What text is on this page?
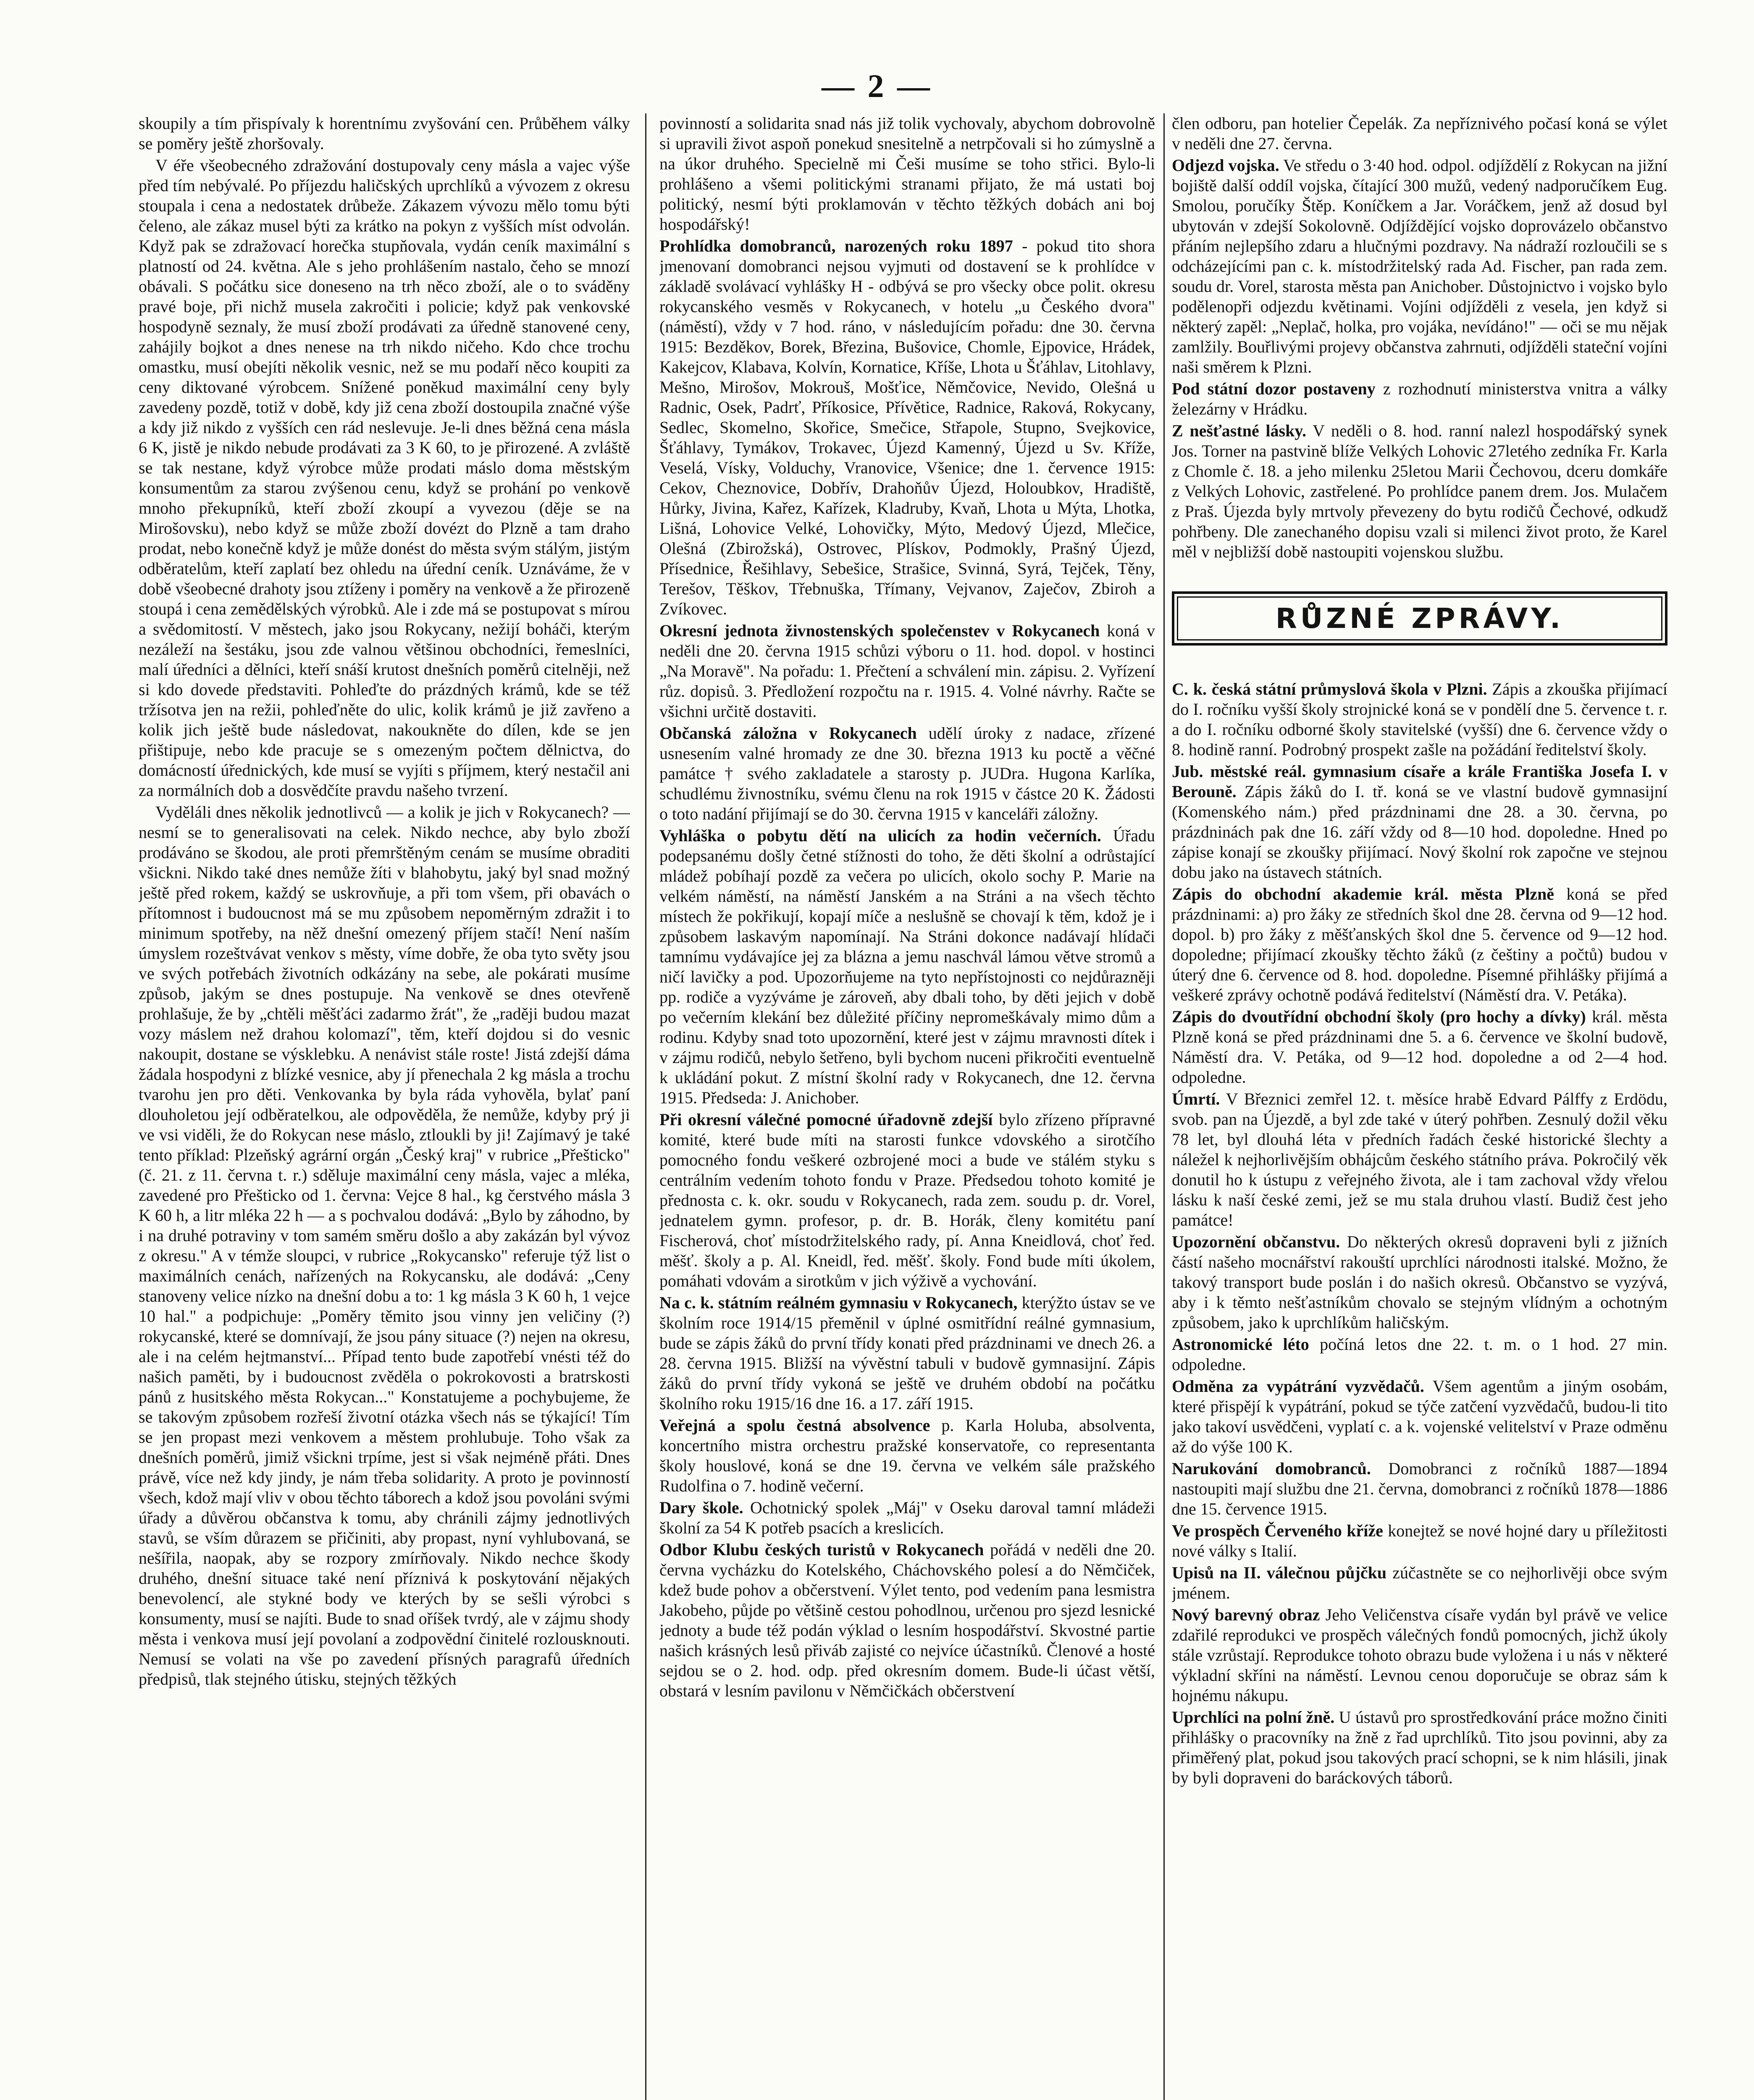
— 2 —

skoupily a tím přispívaly k horentnímu zvyšování cen. Průběhem války se poměry ještě zhoršovaly.

V éře všeobecného zdražování dostupovaly ceny másla a vajec výše před tím nebývalé. Po příjezdu haličských uprchlíků a vývozem z okresu stoupala i cena a nedostatek drůbeže. Zákazem vývozu mělo tomu býti čeleno, ale zákaz musel býti za krátko na pokyn z vyšších míst odvolán. Když pak se zdražovací horečka stupňovala, vydán ceník maximální s platností od 24. května. Ale s jeho prohlášením nastalo, čeho se mnozí obávali. S počátku sice doneseno na trh něco zboží, ale o to sváděny pravé boje, při nichž musela zakročiti i policie; když pak venkovské hospodyně seznaly, že musí zboží prodávati za úředně stanovené ceny, zahájily bojkot a dnes nenese na trh nikdo ničeho. Kdo chce trochu omastku, musí obejíti několik vesnic, než se mu podaří něco koupiti za ceny diktované výrobcem. Snížené poněkud maximální ceny byly zavedeny pozdě, totiž v době, kdy již cena zboží dostoupila značné výše a kdy již nikdo z vyšších cen rád neslevuje. Je-li dnes běžná cena másla 6 K, jistě je nikdo nebude prodávati za 3 K 60, to je přirozené. A zvláště se tak nestane, když výrobce může prodati máslo doma městským konsumentům za starou zvýšenou cenu, když se prohání po venkově mnoho překupníků, kteří zboží zkoupí a vyvezou (děje se na Mirošovsku), nebo když se může zboží dovézt do Plzně a tam draho prodat, nebo konečně když je může donést do města svým stálým, jistým odběratelům, kteří zaplatí bez ohledu na úřední ceník. Uznáváme, že v době všeobecné drahoty jsou ztíženy i poměry na venkově a že přirozeně stoupá i cena zemědělských výrobků. Ale i zde má se postupovat s mírou a svědomitostí. V městech, jako jsou Rokycany, nežijí boháči, kterým nezáleží na šestáku, jsou zde valnou většinou obchodníci, řemeslníci, malí úředníci a dělníci, kteří snáší krutost dnešních poměrů citelněji, než si kdo dovede představiti. Pohleďte do prázdných krámů, kde se též tržísotva jen na režii, pohleďněte do ulic, kolik krámů je již zavřeno a kolik jich ještě bude následovat, nakoukněte do dílen, kde se jen přištipuje, nebo kde pracuje se s omezeným počtem dělnictva, do domácností úřednických, kde musí se vyjíti s příjmem, který nestačil ani za normálních dob a dosvědčíte pravdu našeho tvrzení.

Vyděláli dnes několik jednotlivců — a kolik je jich v Rokycanech? — nesmí se to generalisovati na celek. Nikdo nechce, aby bylo zboží prodáváno se škodou, ale proti přemrštěným cenám se musíme obraditi všickni. Nikdo také dnes nemůže žíti v blahobytu, jaký byl snad možný ještě před rokem, každý se uskrovňuje, a při tom všem, při obavách o přítomnost i budoucnost má se mu způsobem nepoměrným zdražit i to minimum spotřeby, na něž dnešní omezený příjem stačí! Není naším úmyslem rozeštvávat venkov s městy, víme dobře, že oba tyto světy jsou ve svých potřebách životních odkázány na sebe, ale pokárati musíme způsob, jakým se dnes postupuje. Na venkově se dnes otevřeně prohlašuje, že by „chtěli měšťáci zadarmo žrát", že „raději budou mazat vozy máslem než drahou kolomazí", těm, kteří dojdou si do vesnic nakoupit, dostane se výsklebku. A nenávist stále roste! Jistá zdejší dáma žádala hospodyni z blízké vesnice, aby jí přenechala 2 kg másla a trochu tvarohu jen pro děti. Venkovanka by byla ráda vyhověla, bylať paní dlouholetou její odběratelkou, ale odpověděla, že nemůže, kdyby prý ji ve vsi viděli, že do Rokycan nese máslo, ztloukli by ji! Zajímavý je také tento příklad: Plzeňský agrární orgán „Český kraj" v rubrice „Přešticko" (č. 21. z 11. června t. r.) sděluje maximální ceny másla, vajec a mléka, zavedené pro Přešticko od 1. června: Vejce 8 hal., kg čerstvého másla 3 K 60 h, a litr mléka 22 h — a s pochvalou dodává: „Bylo by záhodno, by i na druhé potraviny v tom samém směru došlo a aby zakázán byl vývoz z okresu." A v témže sloupci, v rubrice „Rokycansko" referuje týž list o maximálních cenách, nařízených na Rokycansku, ale dodává: „Ceny stanoveny velice nízko na dnešní dobu a to: 1 kg másla 3 K 60 h, 1 vejce 10 hal." a podpichuje: „Poměry těmito jsou vinny jen veličiny (?) rokycanské, které se domnívají, že jsou pány situace (?) nejen na okresu, ale i na celém hejtmanství... Případ tento bude zapotřebí vnésti též do našich paměti, by i budoucnost zvěděla o pokrokovosti a bratrskosti pánů z husitského města Rokycan..." Konstatujeme a pochybujeme, že se takovým způsobem rozřeší životní otázka všech nás se týkající! Tím se jen propast mezi venkovem a městem prohlubuje. Toho však za dnešních poměrů, jimiž všickni trpíme, jest si však nejméně přáti. Dnes právě, více než kdy jindy, je nám třeba solidarity. A proto je povinností všech, kdož mají vliv v obou těchto táborech a kdož jsou povoláni svými úřady a důvěrou občanstva k tomu, aby chránili zájmy jednotlivých stavů, se vším důrazem se přičiniti, aby propast, nyní vyhlubovaná, se nešířila, naopak, aby se rozpory zmírňovaly. Nikdo nechce škody druhého, dnešní situace také není příznivá k poskytování nějakých benevolencí, ale stykné body ve kterých by se sešli výrobci s konsumenty, musí se najíti. Bude to snad oříšek tvrdý, ale v zájmu shody města i venkova musí její povolaní a zodpovědní činitelé rozlousknouti. Nemusí se volati na vše po zavedení přísných paragrafů úředních předpisů, tlak stejného útisku, stejných těžkých

povinností a solidarita snad nás již tolik vychovaly, abychom dobrovolně si upravili život aspoň ponekud snesitelně a netrpčovali si ho zúmyslně a na úkor druhého. Specielně mi Češi musíme se toho střici. Bylo-li prohlášeno a všemi politickými stranami přijato, že má ustati boj politický, nesmí býti proklamován v těchto těžkých dobách ani boj hospodářský!

Prohlídka domobranců, narozených roku 1897 - pokud tito shora jmenovaní domobranci nejsou vyjmuti od dostavení se k prohlídce v základě svolávací vyhlášky H - odbývá se pro všecky obce polit. okresu rokycanského vesměs v Rokycanech, v hotelu „u Českého dvora" (náměstí), vždy v 7 hod. ráno, v následujícím pořadu: dne 30. června 1915: Bezděkov, Borek, Březina, Bušovice, Chomle, Ejpovice, Hrádek, Kakejcov, Klabava, Kolvín, Kornatice, Kříše, Lhota u Šťáhlav, Litohlavy, Mešno, Mirošov, Mokrouš, Mošťice, Němčovice, Nevido, Olešná u Radnic, Osek, Padrť, Příkosice, Přívětice, Radnice, Raková, Rokycany, Sedlec, Skomelno, Skořice, Smečice, Střapole, Stupno, Svejkovice, Šťáhlavy, Tymákov, Trokavec, Újezd Kamenný, Újezd u Sv. Kříže, Veselá, Vísky, Volduchy, Vranovice, Všenice; dne 1. července 1915: Cekov, Cheznovice, Dobřív, Drahoňův Újezd, Holoubkov, Hradiště, Hůrky, Jivina, Kařez, Kařízek, Kladruby, Kvaň, Lhota u Mýta, Lhotka, Lišná, Lohovice Velké, Lohovičky, Mýto, Medový Újezd, Mlečice, Olešná (Zbirožská), Ostrovec, Plískov, Podmokly, Prašný Újezd, Přísednice, Řešihlavy, Sebešice, Strašice, Svinná, Syrá, Tejček, Těny, Terešov, Těškov, Třebnuška, Třímany, Vejvanov, Zaječov, Zbiroh a Zvíkovec.

Okresní jednota živnostenských společenstev v Rokycanech koná v neděli dne 20. června 1915 schůzi výboru o 11. hod. dopol. v hostinci „Na Moravě". Na pořadu: 1. Přečtení a schválení min. zápisu. 2. Vyřízení růz. dopisů. 3. Předložení rozpočtu na r. 1915. 4. Volné návrhy. Račte se všichni určitě dostaviti.

Občanská záložna v Rokycanech udělí úroky z nadace, zřízené usnesením valné hromady ze dne 30. března 1913 ku poctě a věčné památce † svého zakladatele a starosty p. JUDra. Hugona Karlíka, schudlému živnostníku, svému členu na rok 1915 v částce 20 K. Žádosti o toto nadání přijímají se do 30. června 1915 v kanceláři záložny.

Vyhláška o pobytu dětí na ulicích za hodin večerních. Úřadu podepsanému došly četné stížnosti do toho, že děti školní a odrůstající mládež pobíhají pozdě za večera po ulicích, okolo sochy P. Marie na velkém náměstí, na náměstí Janském a na Stráni a na všech těchto místech že pokřikují, kopají míče a neslušně se chovají k těm, kdož je i způsobem laskavým napomínají. Na Stráni dokonce nadávají hlídači tamnímu vydávajíce jej za blázna a jemu naschvál lámou větve stromů a ničí lavičky a pod. Upozorňujeme na tyto nepřístojnosti co nejdůrazněji pp. rodiče a vyzýváme je zároveň, aby dbali toho, by děti jejich v době po večerním klekání bez důležité příčiny nepromeškávaly mimo dům a rodinu. Kdyby snad toto upozornění, které jest v zájmu mravnosti dítek i v zájmu rodičů, nebylo šetřeno, byli bychom nuceni přikročiti eventuelně k ukládání pokut. Z místní školní rady v Rokycanech, dne 12. června 1915. Předseda: J. Anichober.

Při okresní válečné pomocné úřadovně zdejší bylo zřízeno přípravné komité, které bude míti na starosti funkce vdovského a sirotčího pomocného fondu veškeré ozbrojené moci a bude ve stálém styku s centrálním vedením tohoto fondu v Praze. Předsedou tohoto komité je přednosta c. k. okr. soudu v Rokycanech, rada zem. soudu p. dr. Vorel, jednatelem gymn. profesor, p. dr. B. Horák, členy komitétu paní Fischerová, choť místodržitelského rady, pí. Anna Kneidlová, choť řed. měšť. školy a p. Al. Kneidl, řed. měšť. školy. Fond bude míti úkolem, pomáhati vdovám a sirotkům v jich výživě a vychování.

Na c. k. státním reálném gymnasiu v Rokycanech, kterýžto ústav se ve školním roce 1914/15 přeměnil v úplné osmitřídní reálné gymnasium, bude se zápis žáků do první třídy konati před prázdninami ve dnech 26. a 28. června 1915. Bližší na vývěstní tabuli v budově gymnasijní. Zápis žáků do první třídy vykoná se ještě ve druhém období na počátku školního roku 1915/16 dne 16. a 17. září 1915.

Veřejná a spolu čestná absolvence p. Karla Holuba, absolventa, koncertního mistra orchestru pražské konservatoře, co representanta školy houslové, koná se dne 19. června ve velkém sále pražského Rudolfina o 7. hodině večerní.

Dary škole. Ochotnický spolek „Máj" v Oseku daroval tamní mládeži školní za 54 K potřeb psacích a kreslicích.

Odbor Klubu českých turistů v Rokycanech pořádá v neděli dne 20. června vycházku do Kotelského, Cháchovského polesí a do Němčiček, kdež bude pohov a občerstvení. Výlet tento, pod vedením pana lesmistra Jakobeho, půjde po většině cestou pohodlnou, určenou pro sjezd lesnické jednoty a bude též podán výklad o lesním hospodářství. Skvostné partie našich krásných lesů přiváb zajisté co nejvíce účastníků. Členové a hosté sejdou se o 2. hod. odp. před okresním domem. Bude-li účast větší, obstará v lesním pavilonu v Němčičkách občerstvení

člen odboru, pan hotelier Čepelák. Za nepříznivého počasí koná se výlet v neděli dne 27. června.

Odjezd vojska. Ve středu o 3·40 hod. odpol. odjíždělí z Rokycan na jižní bojiště další oddíl vojska, čítající 300 mužů, vedený nadporučíkem Eug. Smolou, poručíky Štěp. Koníčkem a Jar. Voráčkem, jenž až dosud byl ubytován v zdejší Sokolovně. Odjíždějící vojsko doprovázelo občanstvo přáním nejlepšího zdaru a hlučnými pozdravy. Na nádraží rozloučili se s odcházejícími pan c. k. místodržitelský rada Ad. Fischer, pan rada zem. soudu dr. Vorel, starosta města pan Anichober. Důstojnictvo i vojsko bylo podělenopři odjezdu květinami. Vojíni odjížděli z vesela, jen když si některý zapěl: „Neplač, holka, pro vojáka, nevídáno!" — oči se mu nějak zamlžily. Bouřlivými projevy občanstva zahrnuti, odjížděli stateční vojíni naši směrem k Plzni.

Pod státní dozor postaveny z rozhodnutí ministerstva vnitra a války železárny v Hrádku.

Z nešťastné lásky. V neděli o 8. hod. ranní nalezl hospodářský synek Jos. Torner na pastvině blíže Velkých Lohovic 27letého zedníka Fr. Karla z Chomle č. 18. a jeho milenku 25letou Marii Čechovou, dceru domkáře z Velkých Lohovic, zastřelené. Po prohlídce panem drem. Jos. Mulačem z Praš. Újezda byly mrtvoly převezeny do bytu rodičů Čechové, odkudž pohřbeny. Dle zanechaného dopisu vzali si milenci život proto, že Karel měl v nejbližší době nastoupiti vojenskou službu.

RŮZNÉ ZPRÁVY.

C. k. česká státní průmyslová škola v Plzni. Zápis a zkouška přijímací do I. ročníku vyšší školy strojnické koná se v pondělí dne 5. července t. r. a do I. ročníku odborné školy stavitelské (vyšší) dne 6. července vždy o 8. hodině ranní. Podrobný prospekt zašle na požádání ředitelství školy.

Jub. městské reál. gymnasium císaře a krále Františka Josefa I. v Berouně. Zápis žáků do I. tř. koná se ve vlastní budově gymnasijní (Komenského nám.) před prázdninami dne 28. a 30. června, po prázdninách pak dne 16. září vždy od 8—10 hod. dopoledne. Hned po zápise konají se zkoušky přijímací. Nový školní rok započne ve stejnou dobu jako na ústavech státních.

Zápis do obchodní akademie král. města Plzně koná se před prázdninami: a) pro žáky ze středních škol dne 28. června od 9—12 hod. dopol. b) pro žáky z měšťanských škol dne 5. července od 9—12 hod. dopoledne; přijímací zkoušky těchto žáků (z češtiny a počtů) budou v úterý dne 6. července od 8. hod. dopoledne. Písemné přihlášky přijímá a veškeré zprávy ochotně podává ředitelství (Náměstí dra. V. Petáka).

Zápis do dvoutřídní obchodní školy (pro hochy a dívky) král. města Plzně koná se před prázdninami dne 5. a 6. července ve školní budově, Náměstí dra. V. Petáka, od 9—12 hod. dopoledne a od 2—4 hod. odpoledne.

Úmrtí. V Březnici zemřel 12. t. měsíce hrabě Edvard Pálffy z Erdödu, svob. pan na Újezdě, a byl zde také v úterý pohřben. Zesnulý dožil věku 78 let, byl dlouhá léta v předních řadách české historické šlechty a náležel k nejhorlivějším obhájcům českého státního práva. Pokročilý věk donutil ho k ústupu z veřejného života, ale i tam zachoval vždy vřelou lásku k naší české zemi, jež se mu stala druhou vlastí. Budiž čest jeho památce!

Upozornění občanstvu. Do některých okresů dopraveni byli z jižních částí našeho mocnářství rakouští uprchlíci národnosti italské. Možno, že takový transport bude poslán i do našich okresů. Občanstvo se vyzývá, aby i k těmto nešťastníkům chovalo se stejným vlídným a ochotným způsobem, jako k uprchlíkům haličským.

Astronomické léto počíná letos dne 22. t. m. o 1 hod. 27 min. odpoledne.

Odměna za vypátrání vyzvědačů. Všem agentům a jiným osobám, které přispějí k vypátrání, pokud se týče zatčení vyzvědačů, budou-li tito jako takoví usvědčeni, vyplatí c. a k. vojenské velitelství v Praze odměnu až do výše 100 K.

Narukování domobranců. Domobranci z ročníků 1887—1894 nastoupiti mají službu dne 21. června, domobranci z ročníků 1878—1886 dne 15. července 1915.

Ve prospěch Červeného kříže konejtež se nové hojné dary u příležitosti nové války s Italií.

Upisů na II. válečnou půjčku zúčastněte se co nejhorlivěji obce svým jménem.

Nový barevný obraz Jeho Veličenstva císaře vydán byl právě ve velice zdařilé reprodukci ve prospěch válečných fondů pomocných, jichž úkoly stále vzrůstají. Reprodukce tohoto obrazu bude vyložena i u nás v některé výkladní skříni na náměstí. Levnou cenou doporučuje se obraz sám k hojnému nákupu.

Uprchlíci na polní žně. U ústavů pro sprostředkování práce možno činiti přihlášky o pracovníky na žně z řad uprchlíků. Tito jsou povinni, aby za přiměřený plat, pokud jsou takových prací schopni, se k nim hlásili, jinak by byli dopraveni do baráckových táborů.
